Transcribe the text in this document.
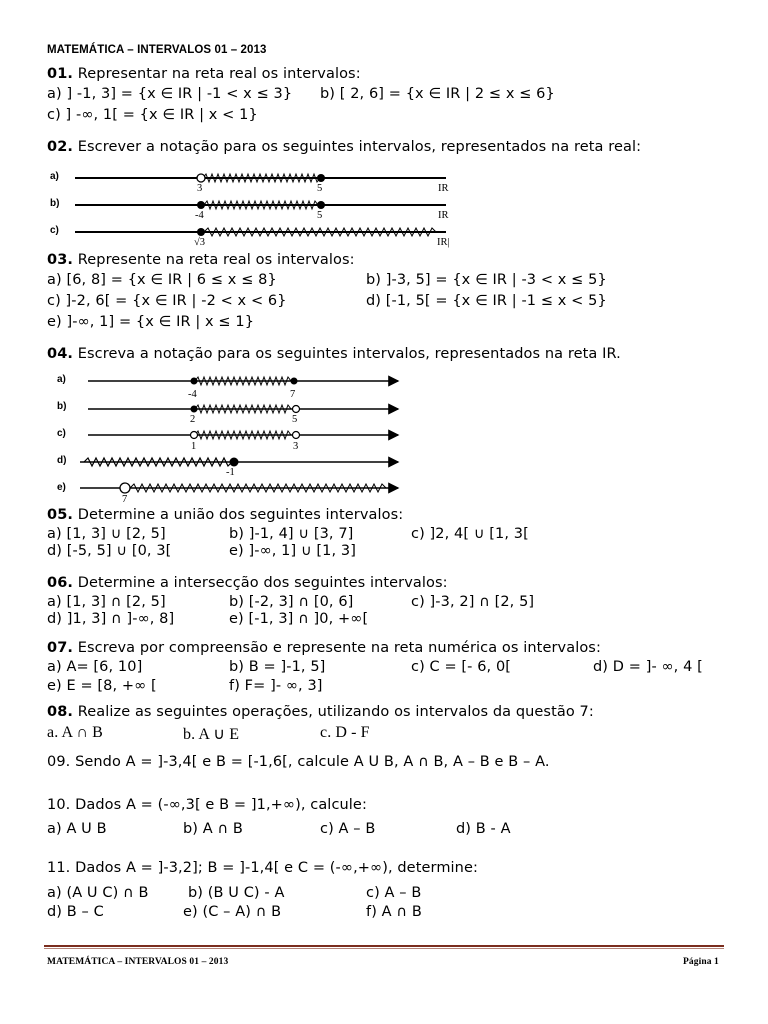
MATEMÁTICA – INTERVALOS 01 – 2013
01. Representar na reta real os intervalos:
a) ] -1, 3] = {x ∈ IR | -1 < x ≤ 3} b) [ 2, 6] = {x ∈ IR | 2 ≤ x ≤ 6}
c) ] -∞, 1[ = {x ∈ IR | x < 1}
02. Escrever a notação para os seguintes intervalos, representados na reta real:
a)
3	5	IR
b)
-4	5	IR
c)
√3	IR|
03. Represente na reta real os intervalos:
a) [6, 8] = {x ∈ IR | 6 ≤ x ≤ 8}	b) ]-3, 5] = {x ∈ IR | -3 < x ≤ 5}
c) ]-2, 6[ = {x ∈ IR | -2 < x < 6}	d) [-1, 5[ = {x ∈ IR | -1 ≤ x < 5}
e) ]-∞, 1] = {x ∈ IR | x ≤ 1}
04. Escreva a notação para os seguintes intervalos, representados na reta IR.
a)
-4	7
b)
2	5
c)
1	3
d)
-1
e)
7
05. Determine a união dos seguintes intervalos:
a) [1, 3] ∪ [2, 5]	b) ]-1, 4] ∪ [3, 7]	c) ]2, 4[ ∪ [1, 3[
d) [-5, 5] ∪ [0, 3[	e) ]-∞, 1] ∪ [1, 3]
06. Determine a intersecção dos seguintes intervalos:
a) [1, 3] ∩ [2, 5]	b) [-2, 3] ∩ [0, 6]	c) ]-3, 2] ∩ [2, 5]
d) ]1, 3] ∩ ]-∞, 8]	e) [-1, 3] ∩ ]0, +∞[
07. Escreva por compreensão e represente na reta numérica os intervalos:
a) A= [6, 10]	b) B = ]-1, 5]	c) C = [- 6, 0[	d) D = ]- ∞, 4 [
e) E = [8, +∞ [	f) F= ]- ∞, 3]
08. Realize as seguintes operações, utilizando os intervalos da questão 7:
a. A ∩ B	b. A ∪ E	c. D - F
09. Sendo A = ]-3,4[ e B = [-1,6[, calcule A U B, A ∩ B, A – B e B – A.
10. Dados A = (-∞,3[ e B = ]1,+∞), calcule:
a) A U B	b) A ∩ B	c) A – B	d) B - A
11. Dados A = ]-3,2]; B = ]-1,4[ e C = (-∞,+∞), determine:
a) (A U C) ∩ B	b) (B U C) - A	c) A – B
d) B – C	e) (C – A) ∩ B	f) A ∩ B
MATEMÁTICA – INTERVALOS 01 – 2013	Página 1
